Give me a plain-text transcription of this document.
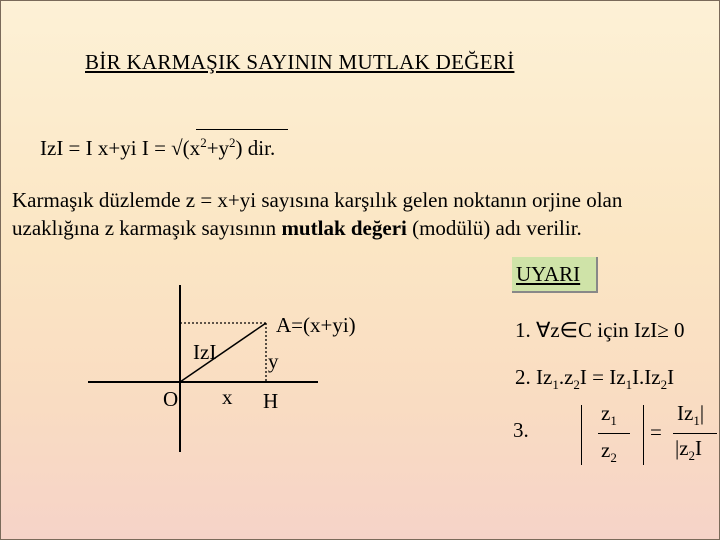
BİR KARMAŞIK SAYININ MUTLAK DEĞERİ
IzI = I x+yi $I = √(x^2+y^2)$ dir.
Karmaşık düzlemde z = x+yi sayısına karşılık gelen noktanın orjine olan uzaklığına z karmaşık sayısının mutlak değeri (modülü) adı verilir.
UYARI
A=(x+yi)
IzI y
O x H
1. ∀z∈C için IzI≥ 0
2. $Iz_1.z_2I = Iz_1I.Iz_2I$
3.
$z_1$
$z_2$
=
$Iz_1|$
$|z_2I$
